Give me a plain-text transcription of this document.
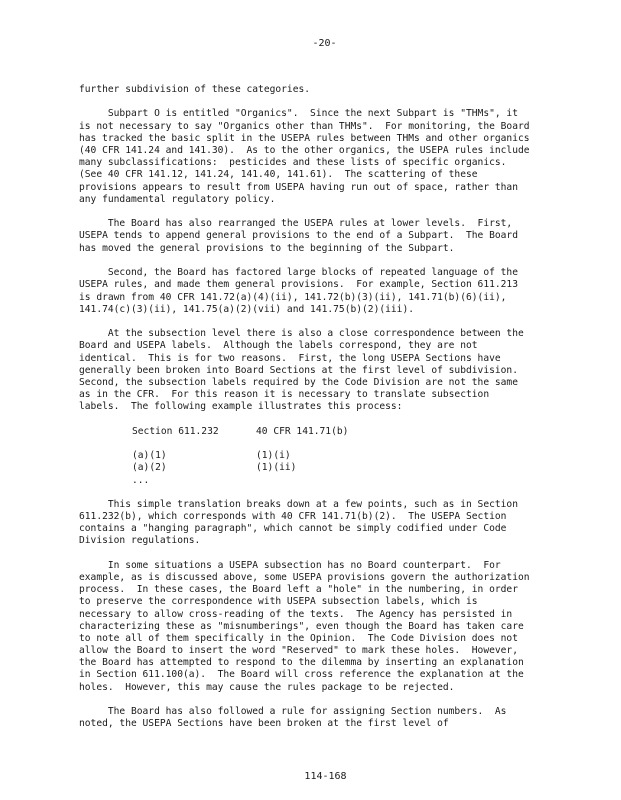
-20-
further subdivision of these categories.
Subpart O is entitled "Organics".  Since the next Subpart is "THMs", it
is not necessary to say "Organics other than THMs".  For monitoring, the Board
has tracked the basic split in the USEPA rules between THMs and other organics
(40 CFR 141.24 and 141.30).  As to the other organics, the USEPA rules include
many subclassifications:  pesticides and these lists of specific organics.
(See 40 CFR 141.12, 141.24, 141.40, 141.61).  The scattering of these
provisions appears to result from USEPA having run out of space, rather than
any fundamental regulatory policy.
The Board has also rearranged the USEPA rules at lower levels.  First,
USEPA tends to append general provisions to the end of a Subpart.  The Board
has moved the general provisions to the beginning of the Subpart.
Second, the Board has factored large blocks of repeated language of the
USEPA rules, and made them general provisions.  For example, Section 611.213
is drawn from 40 CFR 141.72(a)(4)(ii), 141.72(b)(3)(ii), 141.71(b)(6)(ii),
141.74(c)(3)(ii), 141.75(a)(2)(vii) and 141.75(b)(2)(iii).
At the subsection level there is also a close correspondence between the
Board and USEPA labels.  Although the labels correspond, they are not
identical.  This is for two reasons.  First, the long USEPA Sections have
generally been broken into Board Sections at the first level of subdivision.
Second, the subsection labels required by the Code Division are not the same
as in the CFR.  For this reason it is necessary to translate subsection
labels.  The following example illustrates this process:
Section 611.232	40 CFR 141.71(b)
(a)(1)	(1)(i)
(a)(2)	(1)(ii)
...
This simple translation breaks down at a few points, such as in Section
611.232(b), which corresponds with 40 CFR 141.71(b)(2).  The USEPA Section
contains a "hanging paragraph", which cannot be simply codified under Code
Division regulations.
In some situations a USEPA subsection has no Board counterpart.  For
example, as is discussed above, some USEPA provisions govern the authorization
process.  In these cases, the Board left a "hole" in the numbering, in order
to preserve the correspondence with USEPA subsection labels, which is
necessary to allow cross-reading of the texts.  The Agency has persisted in
characterizing these as "misnumberings", even though the Board has taken care
to note all of them specifically in the Opinion.  The Code Division does not
allow the Board to insert the word "Reserved" to mark these holes.  However,
the Board has attempted to respond to the dilemma by inserting an explanation
in Section 611.100(a).  The Board will cross reference the explanation at the
holes.  However, this may cause the rules package to be rejected.
The Board has also followed a rule for assigning Section numbers.  As
noted, the USEPA Sections have been broken at the first level of
114-168
